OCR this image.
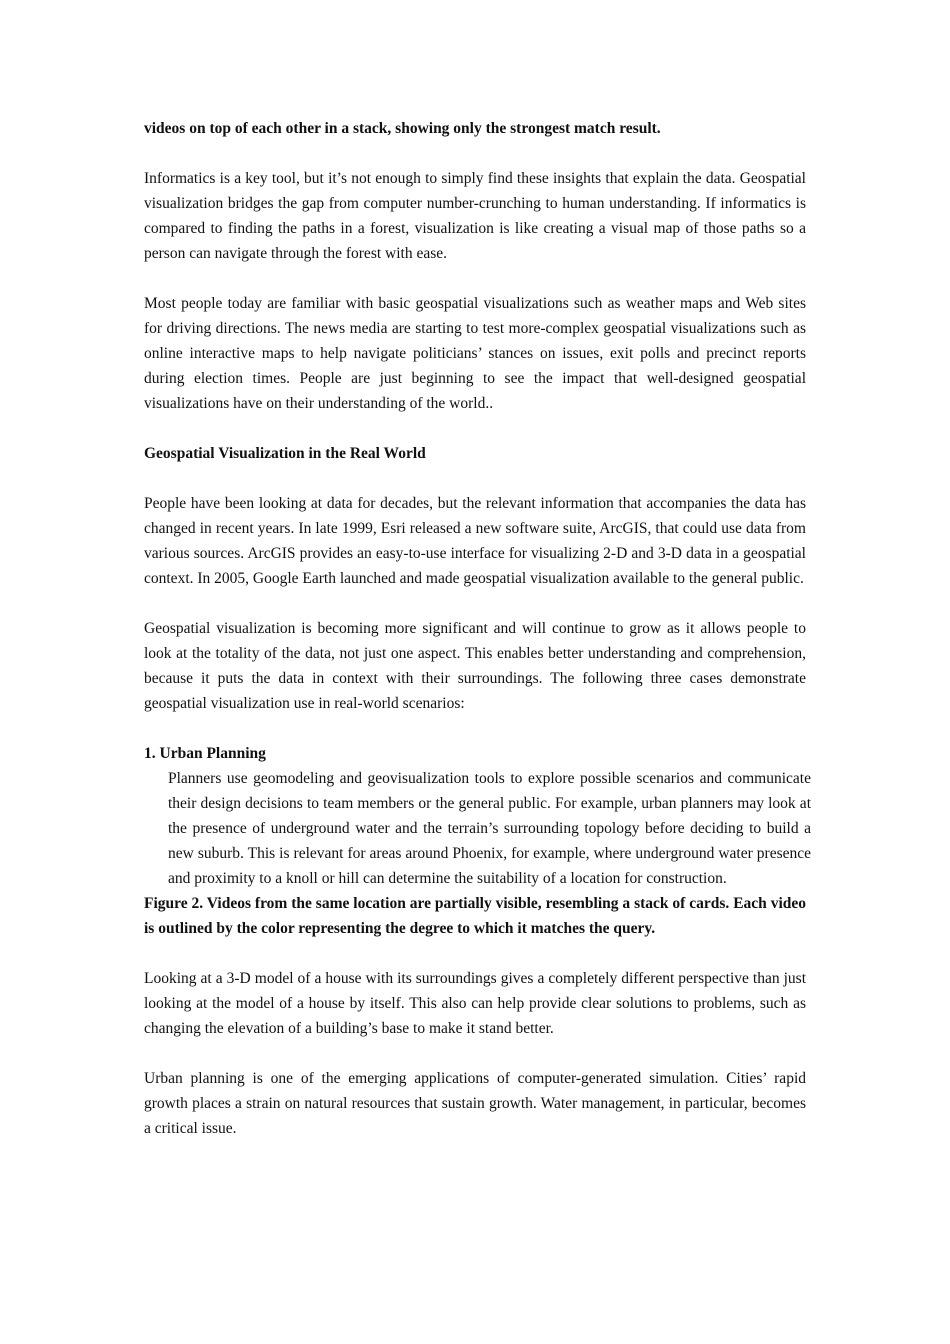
videos on top of each other in a stack, showing only the strongest match result.

Informatics is a key tool, but it’s not enough to simply find these insights that explain the data. Geospatial visualization bridges the gap from computer number-crunching to human understanding. If informatics is compared to finding the paths in a forest, visualization is like creating a visual map of those paths so a person can navigate through the forest with ease.

Most people today are familiar with basic geospatial visualizations such as weather maps and Web sites for driving directions. The news media are starting to test more-complex geospatial visualizations such as online interactive maps to help navigate politicians’ stances on issues, exit polls and precinct reports during election times. People are just beginning to see the impact that well-designed geospatial visualizations have on their understanding of the world..

Geospatial Visualization in the Real World

People have been looking at data for decades, but the relevant information that accompanies the data has changed in recent years. In late 1999, Esri released a new software suite, ArcGIS, that could use data from various sources. ArcGIS provides an easy-to-use interface for visualizing 2-D and 3-D data in a geospatial context. In 2005, Google Earth launched and made geospatial visualization available to the general public.

Geospatial visualization is becoming more significant and will continue to grow as it allows people to look at the totality of the data, not just one aspect. This enables better understanding and comprehension, because it puts the data in context with their surroundings. The following three cases demonstrate geospatial visualization use in real-world scenarios:

1. Urban Planning

Planners use geomodeling and geovisualization tools to explore possible scenarios and communicate their design decisions to team members or the general public. For example, urban planners may look at the presence of underground water and the terrain’s surrounding topology before deciding to build a new suburb. This is relevant for areas around Phoenix, for example, where underground water presence and proximity to a knoll or hill can determine the suitability of a location for construction.

Figure 2. Videos from the same location are partially visible, resembling a stack of cards. Each video is outlined by the color representing the degree to which it matches the query.

Looking at a 3-D model of a house with its surroundings gives a completely different perspective than just looking at the model of a house by itself. This also can help provide clear solutions to problems, such as changing the elevation of a building’s base to make it stand better.

Urban planning is one of the emerging applications of computer-generated simulation. Cities’ rapid growth places a strain on natural resources that sustain growth. Water management, in particular, becomes a critical issue.
